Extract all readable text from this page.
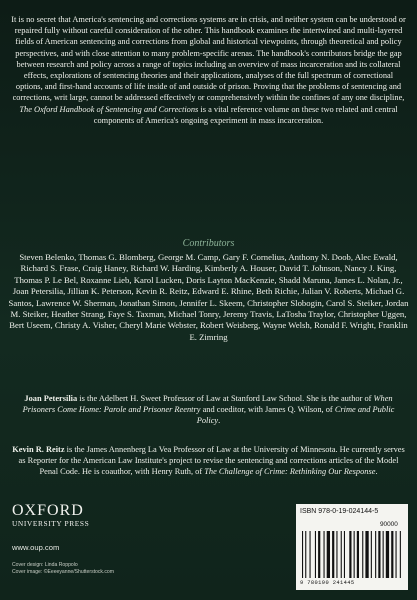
It is no secret that America's sentencing and corrections systems are in crisis, and neither system can be understood or repaired fully without careful consideration of the other. This handbook examines the intertwined and multi-layered fields of American sentencing and corrections from global and historical viewpoints, through theoretical and policy perspectives, and with close attention to many problem-specific arenas. The handbook's contributors bridge the gap between research and policy across a range of topics including an overview of mass incarceration and its collateral effects, explorations of sentencing theories and their applications, analyses of the full spectrum of correctional options, and first-hand accounts of life inside of and outside of prison. Proving that the problems of sentencing and corrections, writ large, cannot be addressed effectively or comprehensively within the confines of any one discipline, The Oxford Handbook of Sentencing and Corrections is a vital reference volume on these two related and central components of America's ongoing experiment in mass incarceration.

Contributors

Steven Belenko, Thomas G. Blomberg, George M. Camp, Gary F. Cornelius, Anthony N. Doob, Alec Ewald, Richard S. Frase, Craig Haney, Richard W. Harding, Kimberly A. Houser, David T. Johnson, Nancy J. King, Thomas P. Le Bel, Roxanne Lieb, Karol Lucken, Doris Layton MacKenzie, Shadd Maruna, James L. Nolan, Jr., Joan Petersilia, Jillian K. Peterson, Kevin R. Reitz, Edward E. Rhine, Beth Richie, Julian V. Roberts, Michael G. Santos, Lawrence W. Sherman, Jonathan Simon, Jennifer L. Skeem, Christopher Slobogin, Carol S. Steiker, Jordan M. Steiker, Heather Strang, Faye S. Taxman, Michael Tonry, Jeremy Travis, LaTosha Traylor, Christopher Uggen, Bert Useem, Christy A. Visher, Cheryl Marie Webster, Robert Weisberg, Wayne Welsh, Ronald F. Wright, Franklin E. Zimring

Joan Petersilia is the Adelbert H. Sweet Professor of Law at Stanford Law School. She is the author of When Prisoners Come Home: Parole and Prisoner Reentry and coeditor, with James Q. Wilson, of Crime and Public Policy.

Kevin R. Reitz is the James Annenberg La Vea Professor of Law at the University of Minnesota. He currently serves as Reporter for the American Law Institute's project to revise the sentencing and corrections articles of the Model Penal Code. He is coauthor, with Henry Ruth, of The Challenge of Crime: Rethinking Our Response.

OXFORD
UNIVERSITY PRESS
www.oup.com
Cover design: Linda Roppolo
Cover image: ©Eeeeyanne/Shutterstock.com
ISBN 978-0-19-024144-5
90000
9 780190 241445
